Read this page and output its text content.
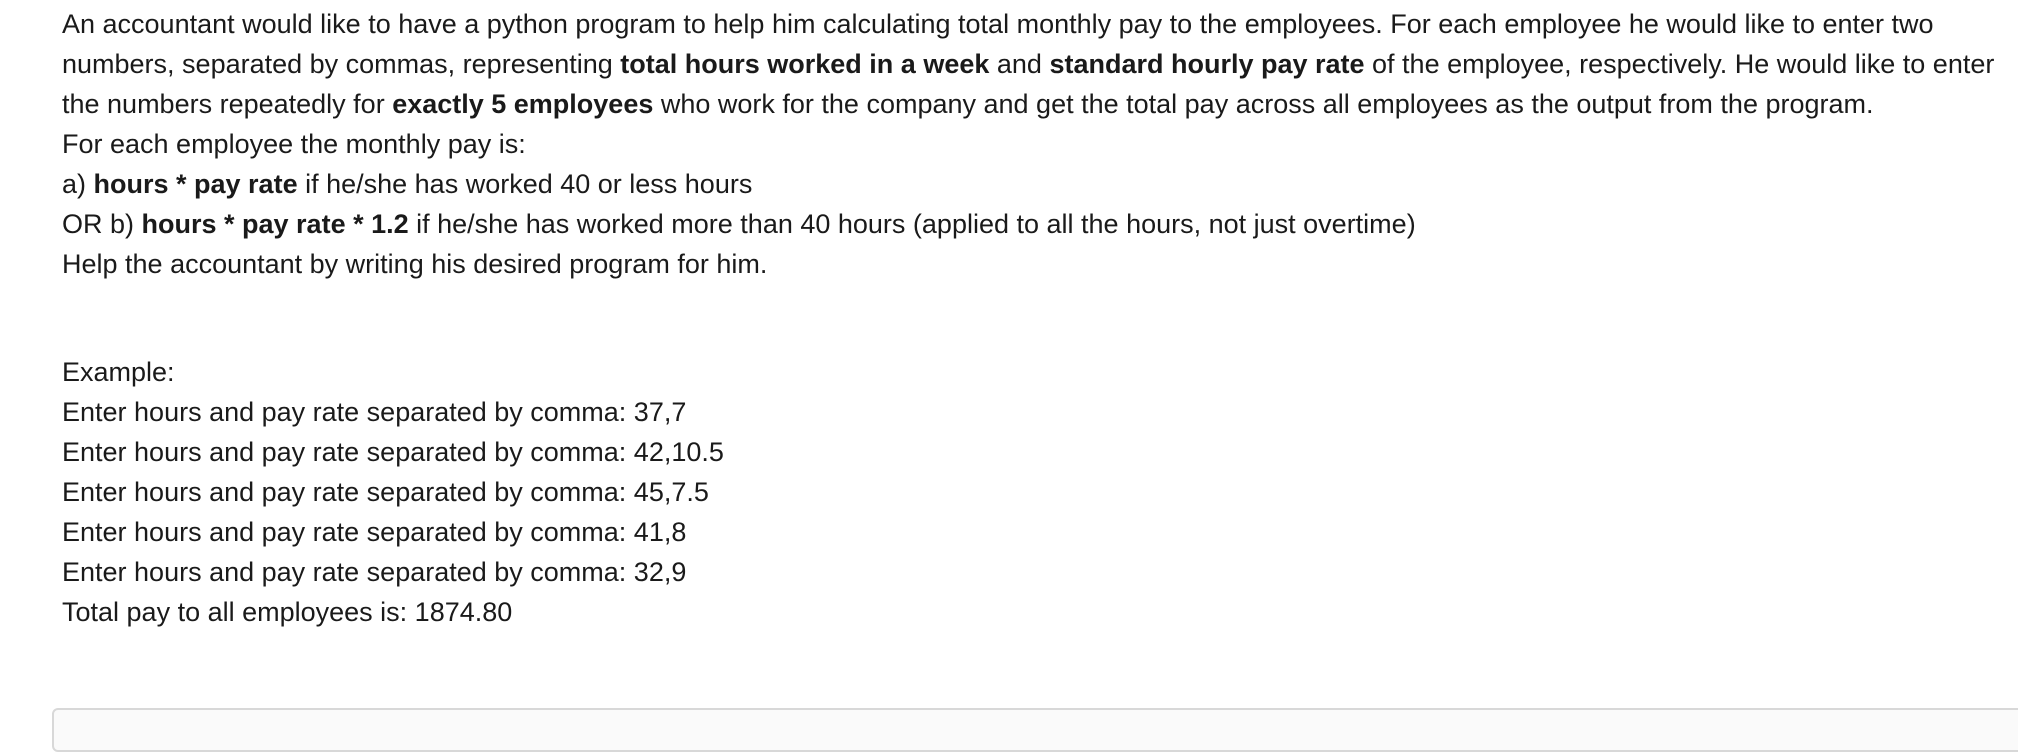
An accountant would like to have a python program to help him calculating total monthly pay to the employees. For each employee he would like to enter two numbers, separated by commas, representing total hours worked in a week and standard hourly pay rate of the employee, respectively. He would like to enter the numbers repeatedly for exactly 5 employees who work for the company and get the total pay across all employees as the output from the program.
For each employee the monthly pay is:
a) hours * pay rate if he/she has worked 40 or less hours
OR b) hours * pay rate * 1.2 if he/she has worked more than 40 hours (applied to all the hours, not just overtime)
Help the accountant by writing his desired program for him.
Example:
Enter hours and pay rate separated by comma: 37,7
Enter hours and pay rate separated by comma: 42,10.5
Enter hours and pay rate separated by comma: 45,7.5
Enter hours and pay rate separated by comma: 41,8
Enter hours and pay rate separated by comma: 32,9
Total pay to all employees is: 1874.80
